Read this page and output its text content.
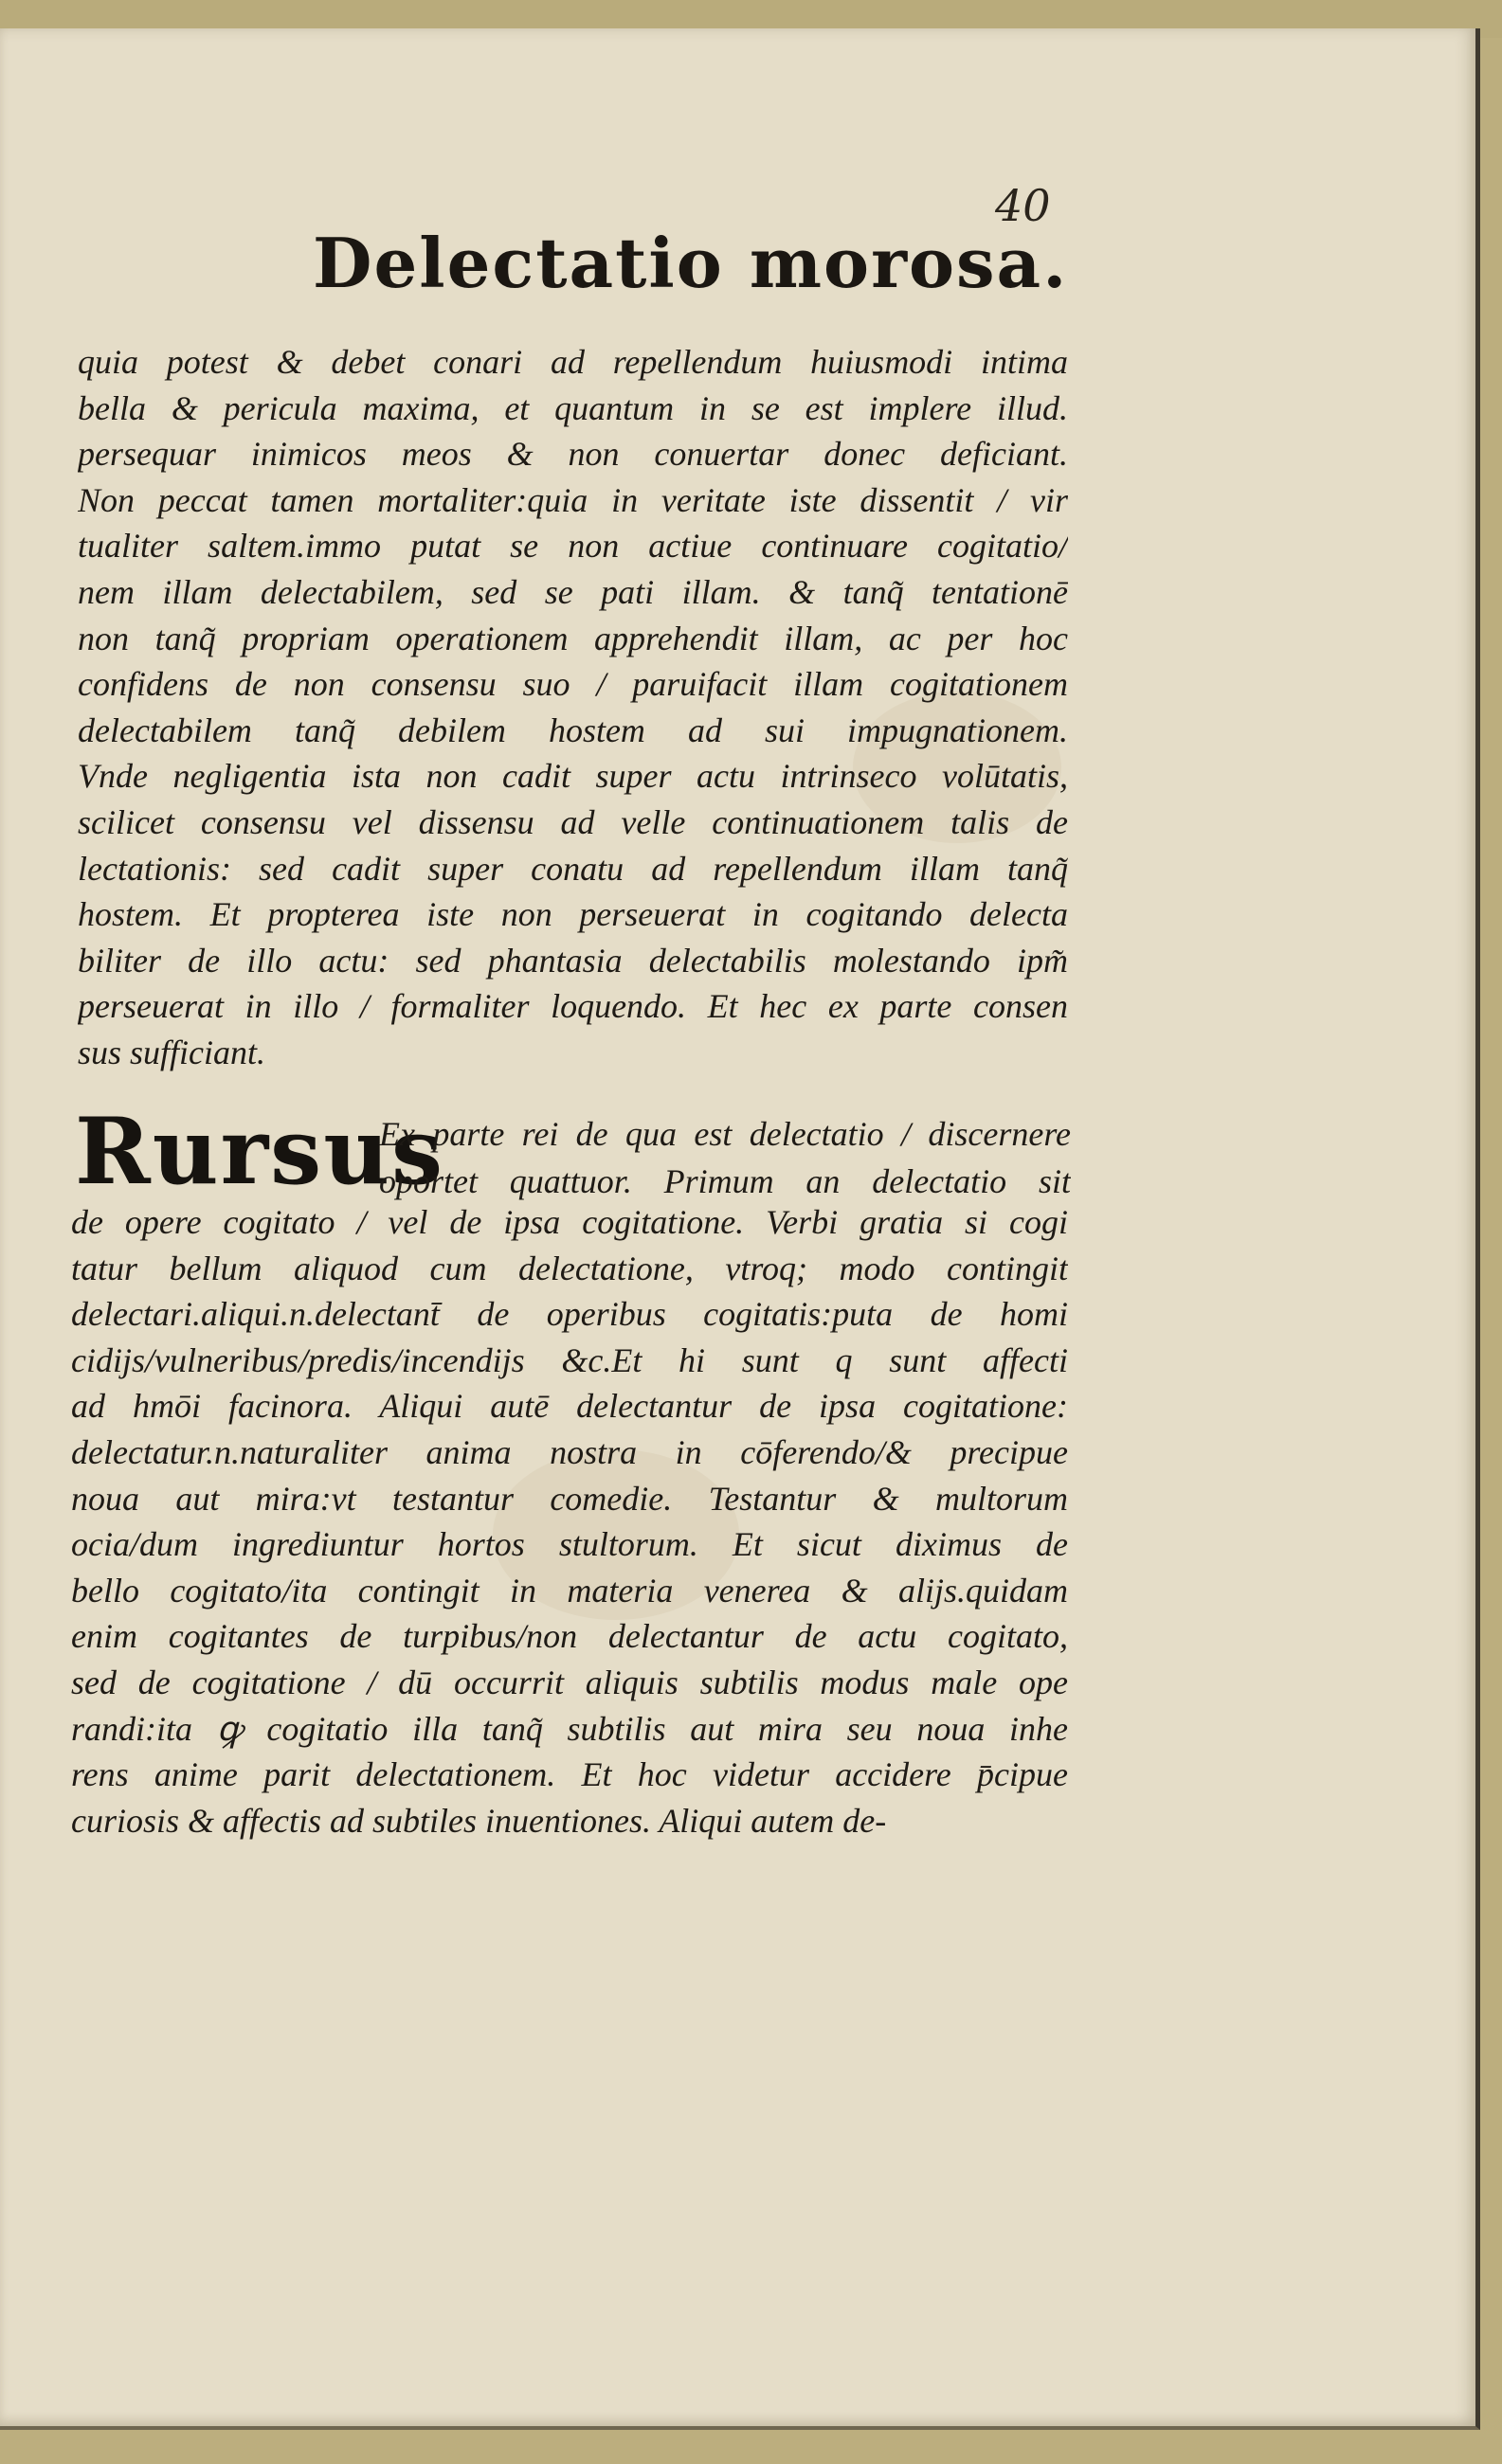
40
Delectatio morosa.
quia potest & debet conari ad repellendum huiusmodi intima
bella & pericula maxima, et quantum in se est implere illud.
persequar inimicos meos & non conuertar donec deficiant.
Non peccat tamen mortaliter:quia in veritate iste dissentit / vir
tualiter saltem.immo putat se non actiue continuare cogitatio/
nem illam delectabilem, sed se pati illam. & tanq̃ tentationē
non tanq̃ propriam operationem apprehendit illam, ac per hoc
confidens de non consensu suo / paruifacit illam cogitationem
delectabilem tanq̃ debilem hostem ad sui impugnationem.
Vnde negligentia ista non cadit super actu intrinseco volūtatis,
scilicet consensu vel dissensu ad velle continuationem talis de
lectationis: sed cadit super conatu ad repellendum illam tanq̃
hostem. Et propterea iste non perseuerat in cogitando delecta
biliter de illo actu: sed phantasia delectabilis molestando ipm̃
perseuerat in illo / formaliter loquendo. Et hec ex parte consen
sus sufficiant.
Rursus
Ex parte rei de qua est delectatio / discernere
oportet quattuor. Primum an delectatio sit
de opere cogitato / vel de ipsa cogitatione. Verbi gratia si cogi
tatur bellum aliquod cum delectatione, vtroq; modo contingit
delectari.aliqui.n.delectant̄ de operibus cogitatis:puta de homi
cidijs/vulneribus/predis/incendijs &c.Et hi sunt q sunt affecti
ad hmōi facinora. Aliqui autē delectantur de ipsa cogitatione:
delectatur.n.naturaliter anima nostra in cōferendo/& precipue
noua aut mira:vt testantur comedie. Testantur & multorum
ocia/dum ingrediuntur hortos stultorum. Et sicut diximus de
bello cogitato/ita contingit in materia venerea & alijs.quidam
enim cogitantes de turpibus/non delectantur de actu cogitato,
sed de cogitatione / dū occurrit aliquis subtilis modus male ope
randi:ita ꝙ cogitatio illa tanq̃ subtilis aut mira seu noua inhe
rens anime parit delectationem. Et hoc videtur accidere p̄cipue
curiosis & affectis ad subtiles inuentiones. Aliqui autem de-
